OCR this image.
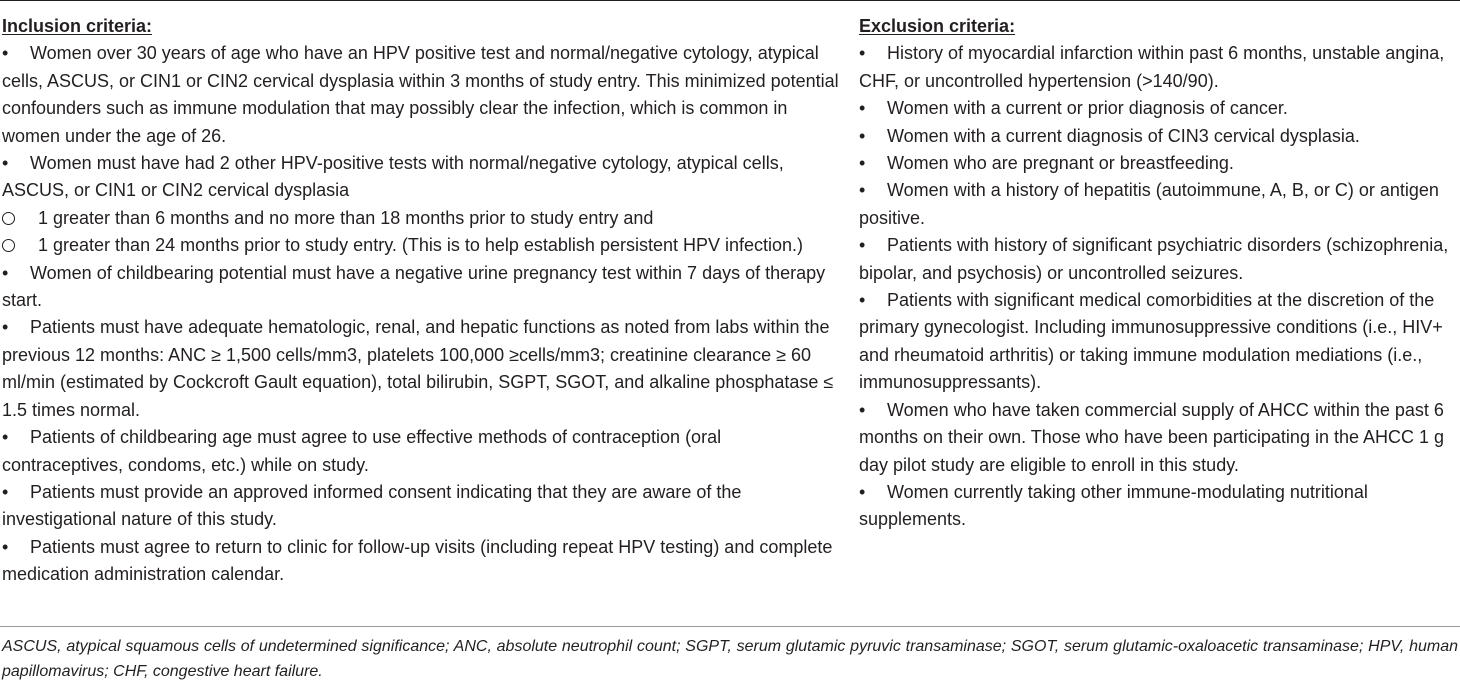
Inclusion criteria:

• Women over 30 years of age who have an HPV positive test and normal/negative cytology, atypical cells, ASCUS, or CIN1 or CIN2 cervical dysplasia within 3 months of study entry. This minimized potential confounders such as immune modulation that may possibly clear the infection, which is common in women under the age of 26.

• Women must have had 2 other HPV-positive tests with normal/negative cytology, atypical cells, ASCUS, or CIN1 or CIN2 cervical dysplasia

1 greater than 6 months and no more than 18 months prior to study entry and

1 greater than 24 months prior to study entry. (This is to help establish persistent HPV infection.)

• Women of childbearing potential must have a negative urine pregnancy test within 7 days of therapy start.

• Patients must have adequate hematologic, renal, and hepatic functions as noted from labs within the previous 12 months: ANC ≥ 1,500 cells/mm3, platelets 100,000 ≥cells/mm3; creatinine clearance ≥ 60 ml/min (estimated by Cockcroft Gault equation), total bilirubin, SGPT, SGOT, and alkaline phosphatase ≤ 1.5 times normal.

• Patients of childbearing age must agree to use effective methods of contraception (oral contraceptives, condoms, etc.) while on study.

• Patients must provide an approved informed consent indicating that they are aware of the investigational nature of this study.

• Patients must agree to return to clinic for follow-up visits (including repeat HPV testing) and complete medication administration calendar.

Exclusion criteria:

• History of myocardial infarction within past 6 months, unstable angina, CHF, or uncontrolled hypertension (>140/90).

• Women with a current or prior diagnosis of cancer.

• Women with a current diagnosis of CIN3 cervical dysplasia.

• Women who are pregnant or breastfeeding.

• Women with a history of hepatitis (autoimmune, A, B, or C) or antigen positive.

• Patients with history of significant psychiatric disorders (schizophrenia, bipolar, and psychosis) or uncontrolled seizures.

• Patients with significant medical comorbidities at the discretion of the primary gynecologist. Including immunosuppressive conditions (i.e., HIV+ and rheumatoid arthritis) or taking immune modulation mediations (i.e., immunosuppressants).

• Women who have taken commercial supply of AHCC within the past 6 months on their own. Those who have been participating in the AHCC 1 g day pilot study are eligible to enroll in this study.

• Women currently taking other immune-modulating nutritional supplements.

ASCUS, atypical squamous cells of undetermined significance; ANC, absolute neutrophil count; SGPT, serum glutamic pyruvic transaminase; SGOT, serum glutamic-oxaloacetic transaminase; HPV, human papillomavirus; CHF, congestive heart failure.
